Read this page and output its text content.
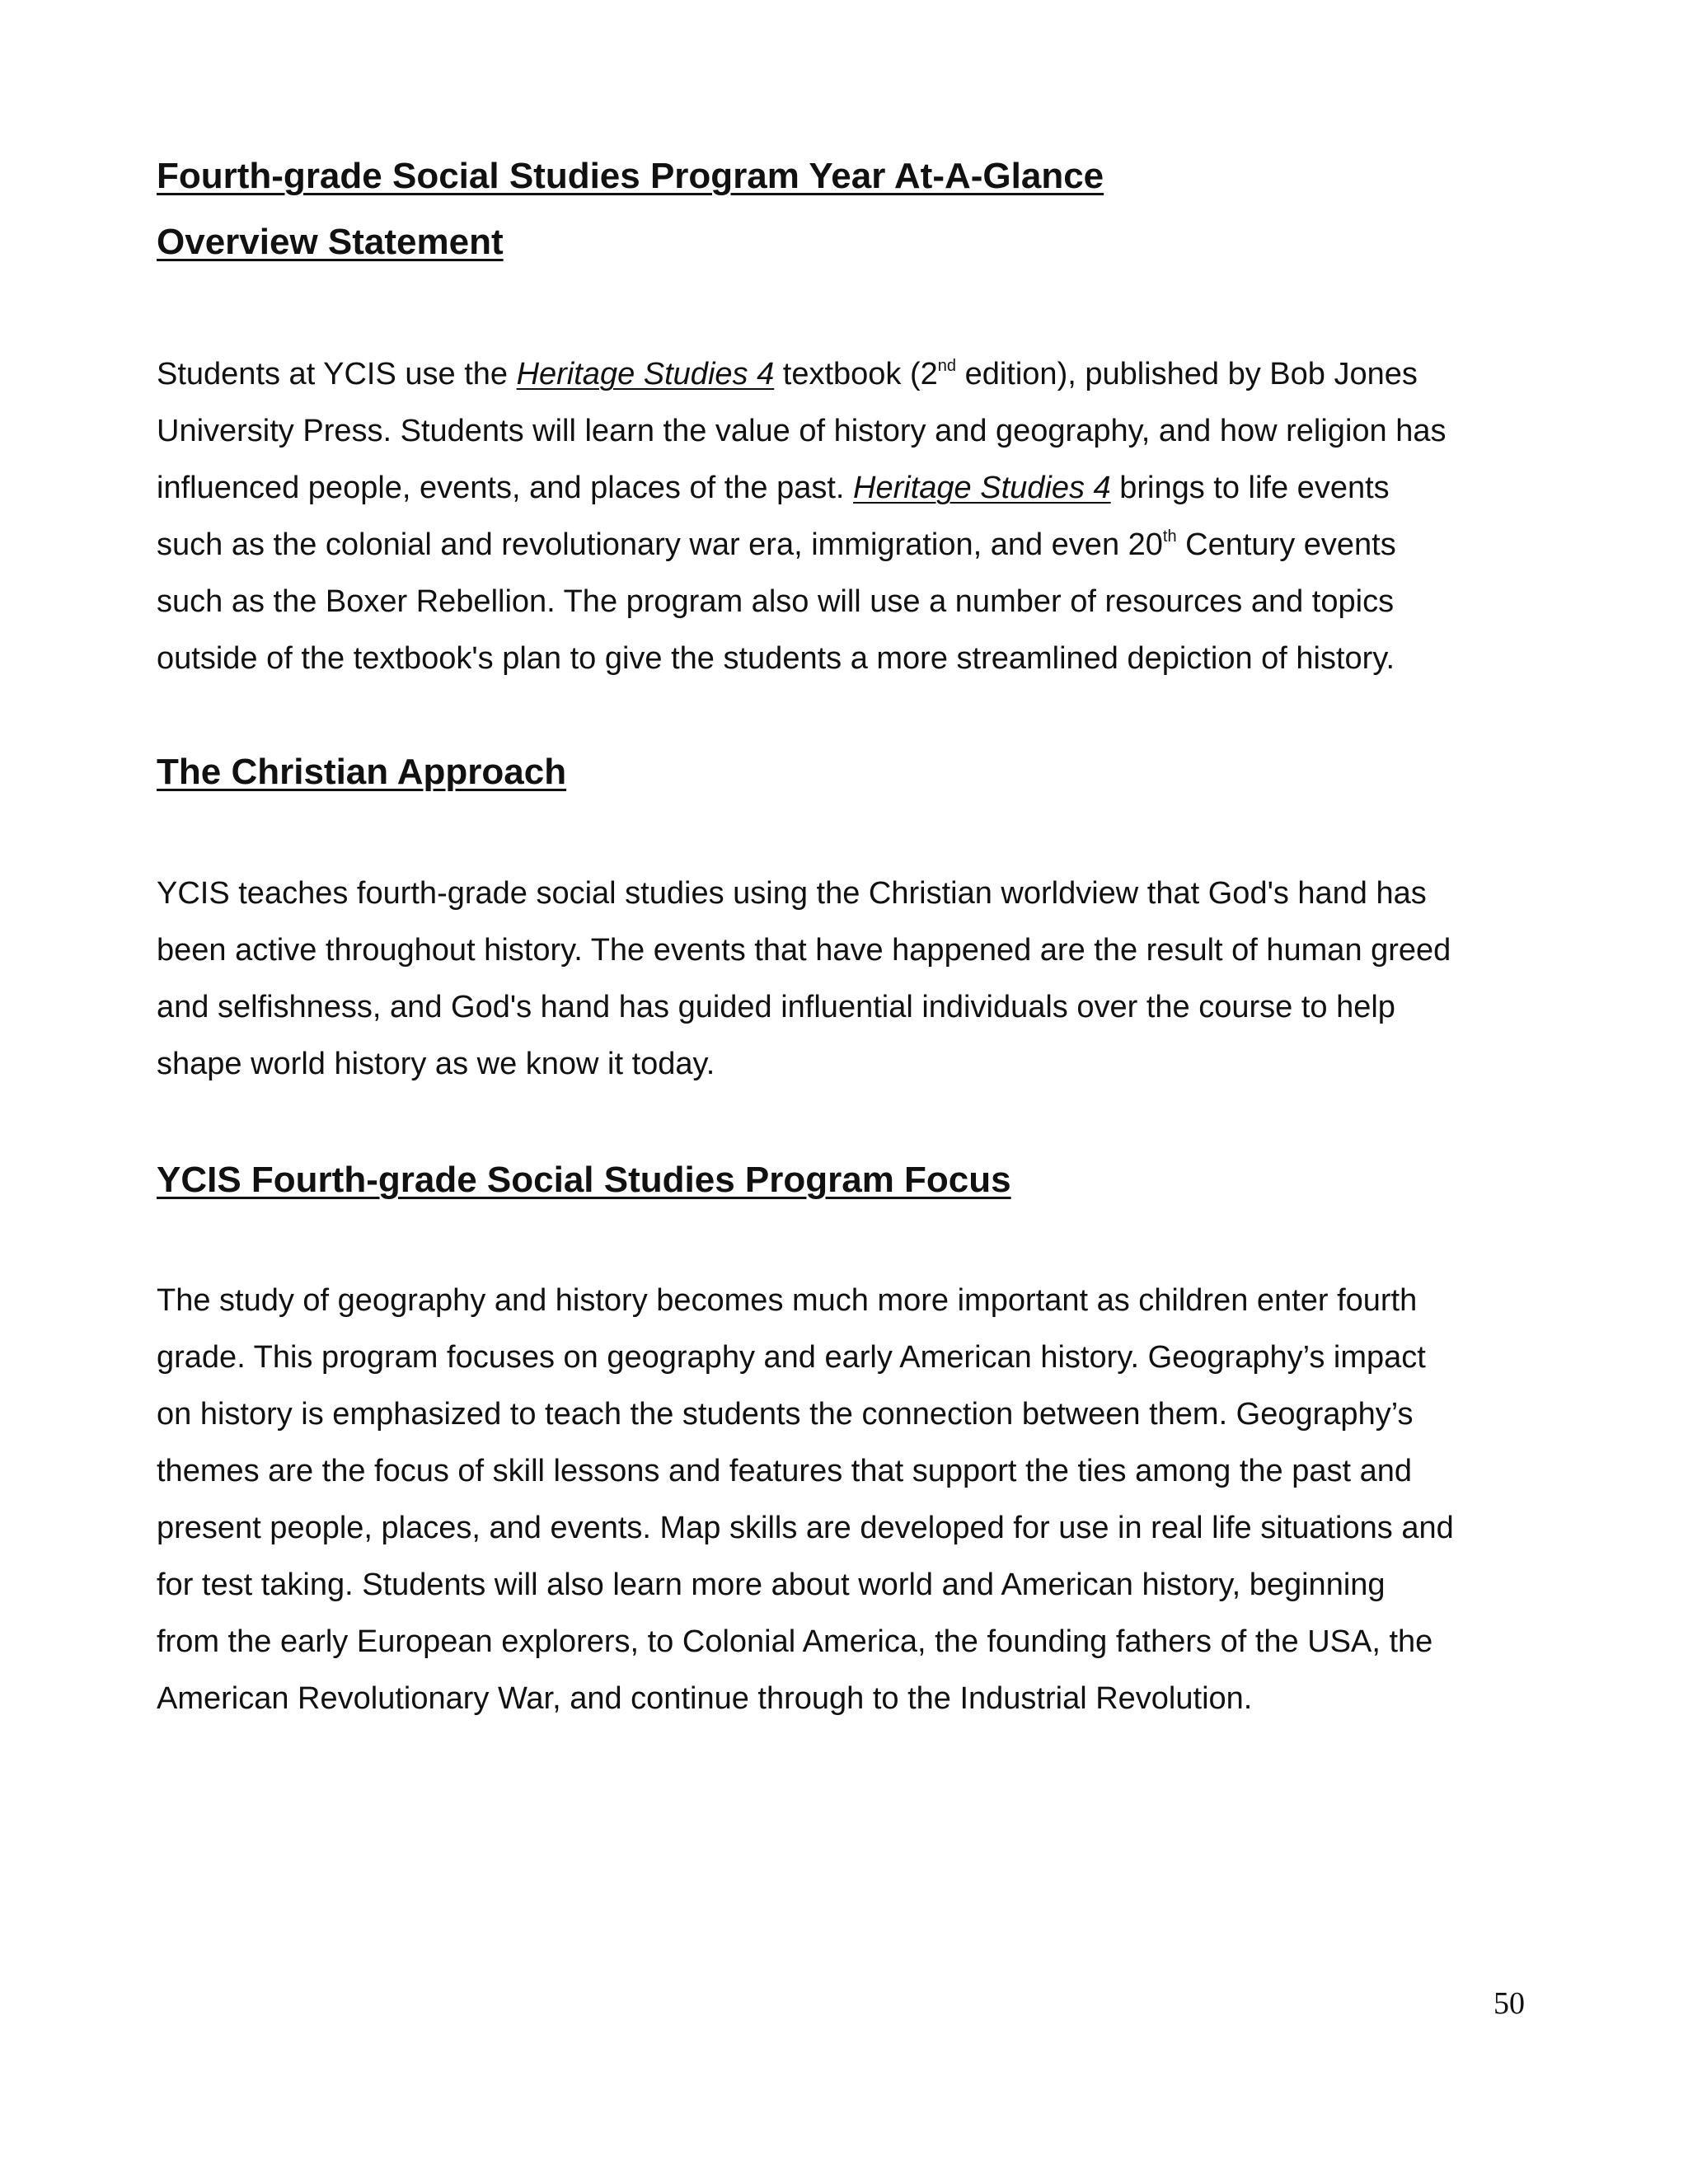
Fourth-grade Social Studies Program Year At-A-Glance
Overview Statement
Students at YCIS use the Heritage Studies 4 textbook (2nd edition), published by Bob Jones
University Press. Students will learn the value of history and geography, and how religion has
influenced people, events, and places of the past. Heritage Studies 4 brings to life events
such as the colonial and revolutionary war era, immigration, and even 20th Century events
such as the Boxer Rebellion. The program also will use a number of resources and topics
outside of the textbook's plan to give the students a more streamlined depiction of history.
The Christian Approach
YCIS teaches fourth-grade social studies using the Christian worldview that God's hand has
been active throughout history. The events that have happened are the result of human greed
and selfishness, and God's hand has guided influential individuals over the course to help
shape world history as we know it today.
YCIS Fourth-grade Social Studies Program Focus
The study of geography and history becomes much more important as children enter fourth
grade. This program focuses on geography and early American history. Geography’s impact
on history is emphasized to teach the students the connection between them. Geography’s
themes are the focus of skill lessons and features that support the ties among the past and
present people, places, and events. Map skills are developed for use in real life situations and
for test taking. Students will also learn more about world and American history, beginning
from the early European explorers, to Colonial America, the founding fathers of the USA, the
American Revolutionary War, and continue through to the Industrial Revolution.
50
